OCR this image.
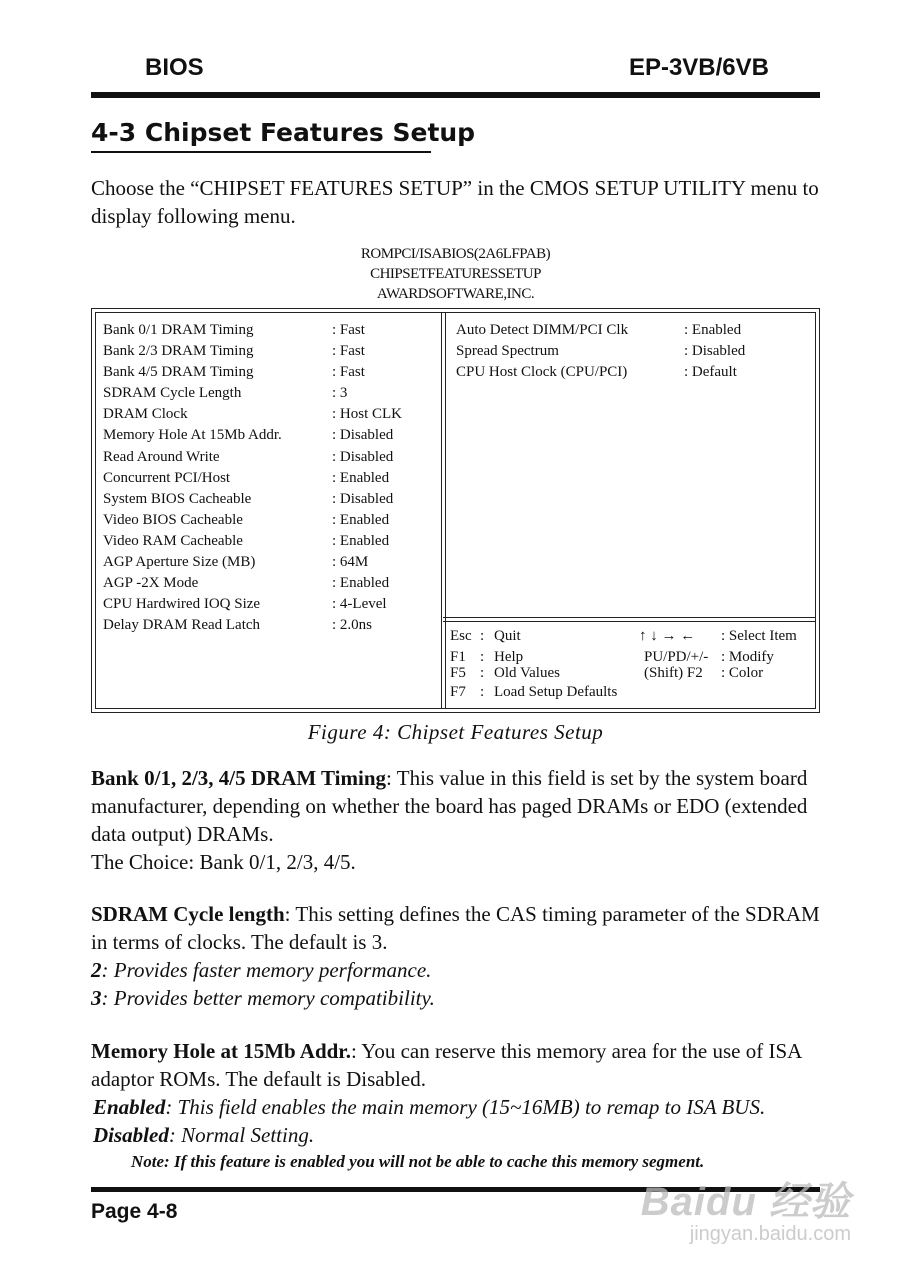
BIOS	EP-3VB/6VB
4-3 Chipset Features Setup
Choose the “CHIPSET FEATURES SETUP” in the CMOS SETUP UTILITY menu to display following menu.
ROMPCI/ISABIOS(2A6LFPAB)
CHIPSETFEATURESSETUP
AWARDSOFTWARE,INC.
Bank 0/1 DRAM Timing	: Fast
Bank 2/3 DRAM Timing	: Fast
Bank 4/5 DRAM Timing	: Fast
SDRAM Cycle Length	: 3
DRAM Clock	: Host CLK
Memory Hole At 15Mb Addr.	: Disabled
Read Around Write	: Disabled
Concurrent PCI/Host	: Enabled
System BIOS Cacheable	: Disabled
Video BIOS Cacheable	: Enabled
Video RAM Cacheable	: Enabled
AGP Aperture Size (MB)	: 64M
AGP -2X Mode	: Enabled
CPU Hardwired IOQ Size	: 4-Level
Delay DRAM Read Latch	: 2.0ns
Auto Detect DIMM/PCI Clk	: Enabled
Spread Spectrum	: Disabled
CPU Host Clock (CPU/PCI)	: Default
Esc : Quit	↑ ↓ → ← : Select Item
F1 : Help	PU/PD/+/- : Modify
F5 : Old Values	(Shift) F2 : Color
F7 : Load Setup Defaults
Figure 4: Chipset Features Setup
Bank 0/1, 2/3, 4/5 DRAM Timing: This value in this field is set by the system board manufacturer, depending on whether the board has paged DRAMs or EDO (extended data output) DRAMs.
The Choice: Bank 0/1, 2/3, 4/5.
SDRAM Cycle length: This setting defines the CAS timing parameter of the SDRAM in terms of clocks. The default is 3.
2: Provides faster memory performance.
3: Provides better memory compatibility.
Memory Hole at 15Mb Addr.: You can reserve this memory area for the use of ISA adaptor ROMs. The default is Disabled.
Enabled: This field enables the main memory (15~16MB) to remap to ISA BUS.
Disabled: Normal Setting.
Note: If this feature is enabled you will not be able to cache this memory segment.
Page 4-8	Baidu 经验
jingyan.baidu.com
